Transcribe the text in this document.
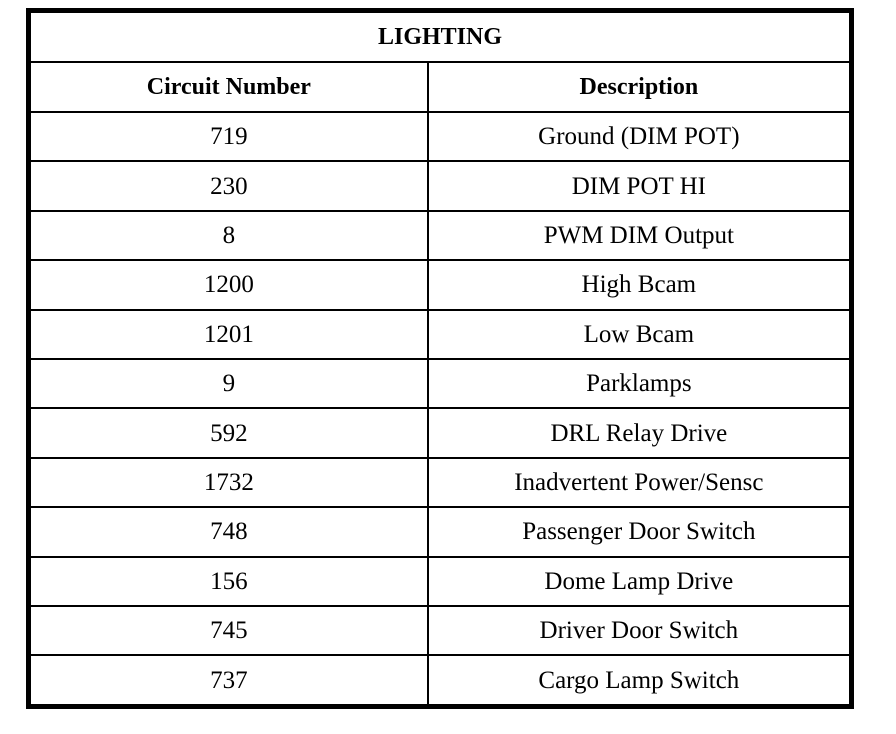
LIGHTING	
Circuit Number	Description
719	Ground (DIM POT)
230	DIM POT HI
8	PWM DIM Output
1200	High Bcam
1201	Low Bcam
9	Parklamps
592	DRL Relay Drive
1732	Inadvertent Power/Sensc
748	Passenger Door Switch
156	Dome Lamp Drive
745	Driver Door Switch
737	Cargo Lamp Switch
